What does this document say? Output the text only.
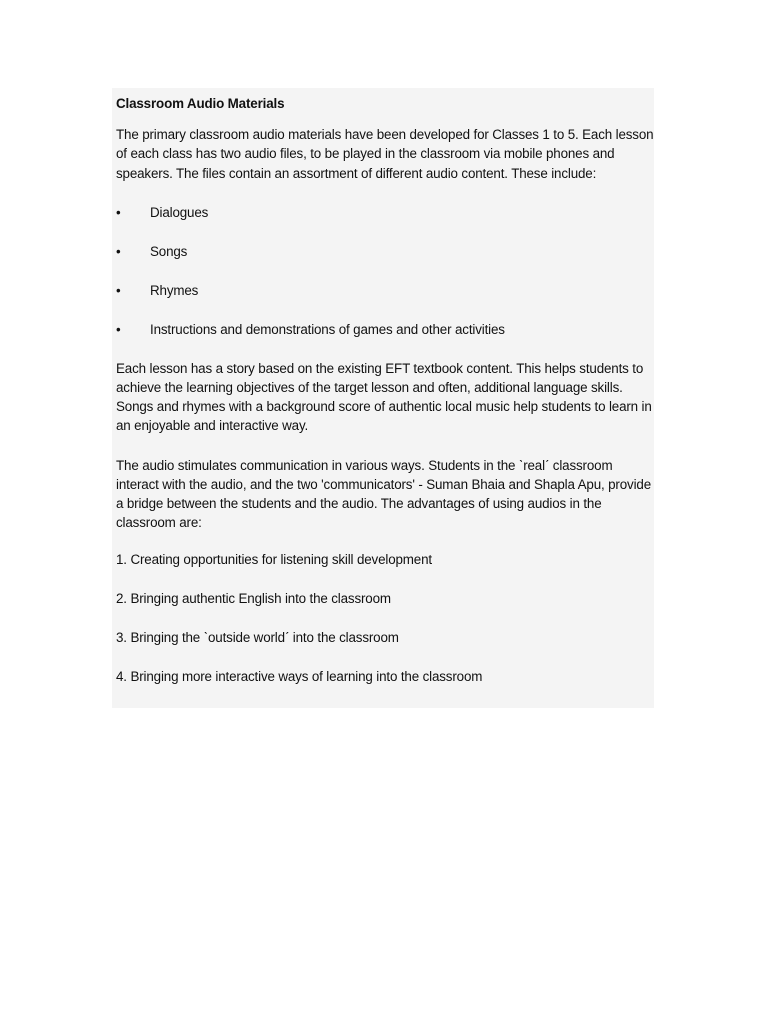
Classroom Audio Materials

The primary classroom audio materials have been developed for Classes 1 to 5. Each lesson of each class has two audio files, to be played in the classroom via mobile phones and speakers. The files contain an assortment of different audio content. These include:

•	Dialogues
•	Songs
•	Rhymes
•	Instructions and demonstrations of games and other activities

Each lesson has a story based on the existing EFT textbook content. This helps students to achieve the learning objectives of the target lesson and often, additional language skills. Songs and rhymes with a background score of authentic local music help students to learn in an enjoyable and interactive way.

The audio stimulates communication in various ways. Students in the ˋrealˊ classroom interact with the audio, and the two 'communicators' - Suman Bhaia and Shapla Apu, provide a bridge between the students and the audio. The advantages of using audios in the classroom are:

1. Creating opportunities for listening skill development

2. Bringing authentic English into the classroom

3. Bringing the ˋoutside worldˊ into the classroom

4. Bringing more interactive ways of learning into the classroom
